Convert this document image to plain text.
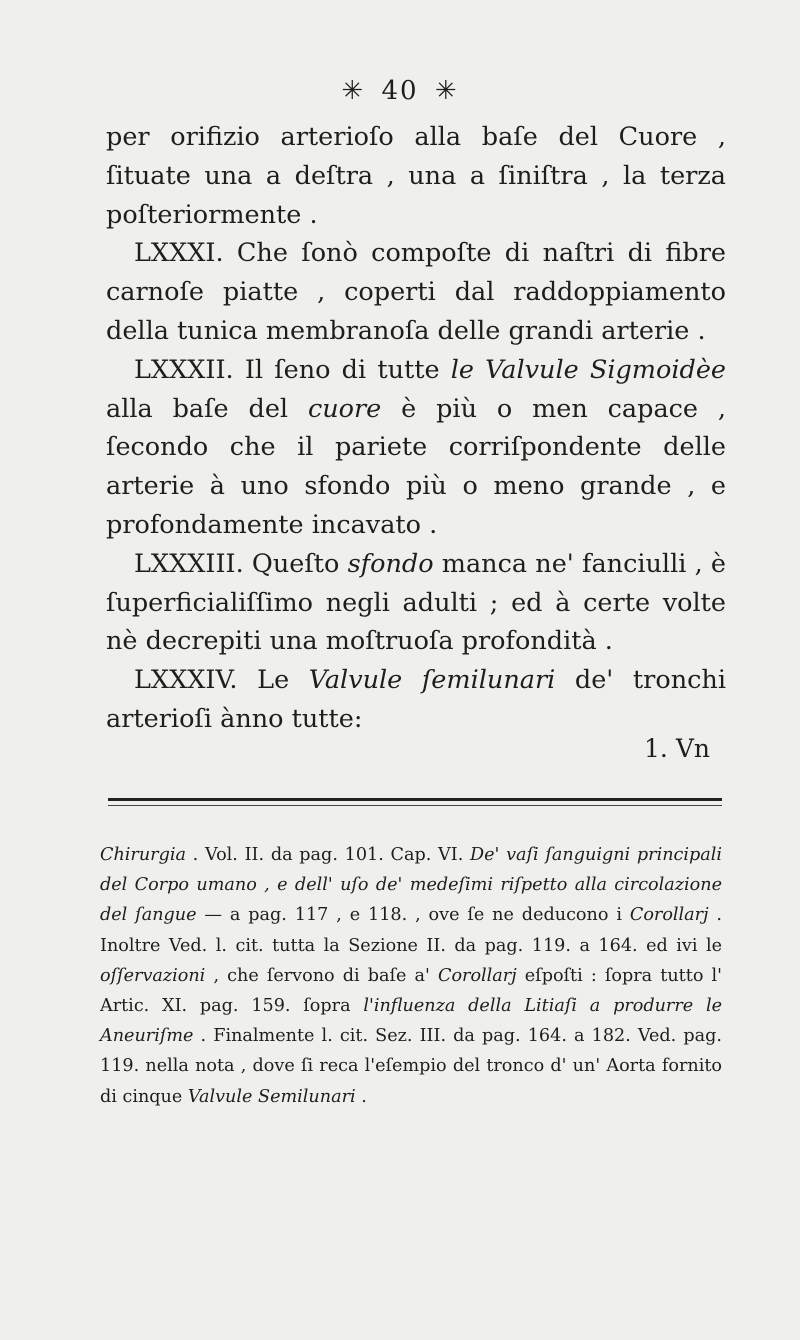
✳ 40 ✳

per orifizio arterioſo alla baſe del Cuore , ſituate una a deſtra , una a ſiniſtra , la terza poſteriormente .

LXXXI. Che ſonò compoſte di naſtri di fibre carnoſe piatte , coperti dal raddoppiamento della tunica membranoſa delle grandi arterie .

LXXXII. Il ſeno di tutte le Valvule Sigmoidèe alla baſe del cuore è più o men capace , ſecondo che il pariete corriſpondente delle arterie à uno sfondo più o meno grande , e profondamente incavato .

LXXXIII. Queſto sfondo manca ne' fanciulli , è ſuperficialiſſimo negli adulti ; ed à certe volte nè decrepiti una moſtruoſa profondità .

LXXXIV. Le Valvule ſemilunari de' tronchi arterioſi ànno tutte:

1. Vn

Chirurgia . Vol. II. da pag. 101. Cap. VI. De' vaſi ſanguigni principali del Corpo umano , e dell' uſo de' medeſimi riſpetto alla circolazione del ſangue — a pag. 117 , e 118. , ove ſe ne deducono i Corollarj . Inoltre Ved. l. cit. tutta la Sezione II. da pag. 119. a 164. ed ivi le oſſervazioni , che ſervono di baſe a' Corollarj eſpoſti : ſopra tutto l' Artic. XI. pag. 159. ſopra l'influenza della Litiaſi a produrre le Aneuriſme . Finalmente l. cit. Sez. III. da pag. 164. a 182. Ved. pag. 119. nella nota , dove ſi reca l'eſempio del tronco d' un' Aorta fornito di cinque Valvule Semilunari .
